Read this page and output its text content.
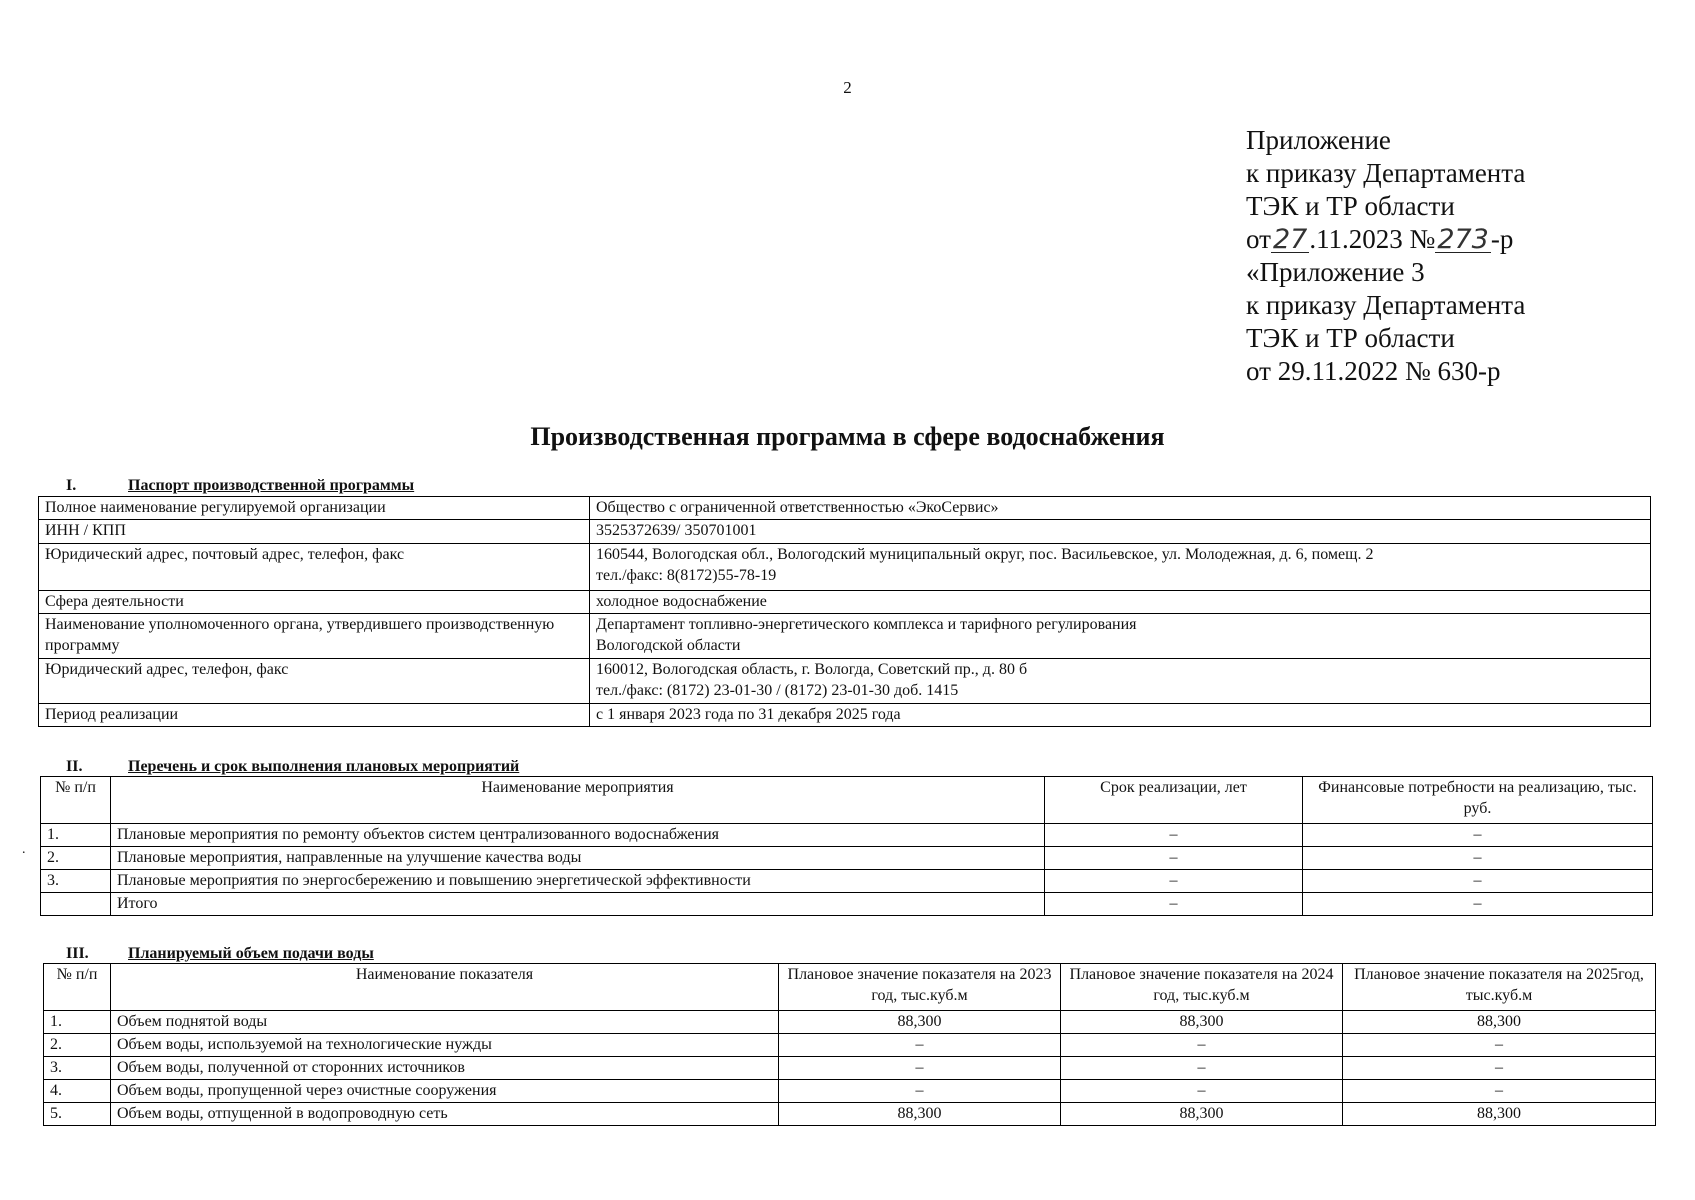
2
Приложение
к приказу Департамента
ТЭК и ТР области
от27.11.2023 №273-р
«Приложение 3
к приказу Департамента
ТЭК и ТР области
от 29.11.2022 № 630-р
Производственная программа в сфере водоснабжения
I.	Паспорт производственной программы
Полное наименование регулируемой организации	Общество с ограниченной ответственностью «ЭкоСервис»

ИНН / КПП	3525372639/ 350701001

Юридический адрес, почтовый адрес, телефон, факс	160544, Вологодская обл., Вологодский муниципальный округ, пос. Васильевское, ул. Молодежная, д. 6, помещ. 2
тел./факс: 8(8172)55-78-19

Сфера деятельности	холодное водоснабжение

Наименование уполномоченного органа, утвердившего производственную программу	Департамент топливно-энергетического комплекса и тарифного регулирования
Вологодской области

Юридический адрес, телефон, факс	160012, Вологодская область, г. Вологда, Советский пр., д. 80 б
тел./факс: (8172) 23-01-30 / (8172) 23-01-30 доб. 1415

Период реализации	с 1 января 2023 года по 31 декабря 2025 года
II.	Перечень и срок выполнения плановых мероприятий
.
№ п/п	Наименование мероприятия	Срок реализации, лет	Финансовые потребности на реализацию, тыс. руб.
1.	Плановые мероприятия по ремонту объектов систем централизованного водоснабжения	–	–
2.	Плановые мероприятия, направленные на улучшение качества воды	–	–
3.	Плановые мероприятия по энергосбережению и повышению энергетической эффективности	–	–
	Итого	–	–
III. Планируемый объем подачи воды
№ п/п	Наименование показателя	Плановое значение показателя на 2023 год, тыс.куб.м	Плановое значение показателя на 2024 год, тыс.куб.м	Плановое значение показателя на 2025год, тыс.куб.м
1.	Объем поднятой воды	88,300	88,300	88,300
2.	Объем воды, используемой на технологические нужды	–	–	–
3.	Объем воды, полученной от сторонних источников	–	–	–
4.	Объем воды, пропущенной через очистные сооружения	–	–	–
5.	Объем воды, отпущенной в водопроводную сеть	88,300	88,300	88,300
